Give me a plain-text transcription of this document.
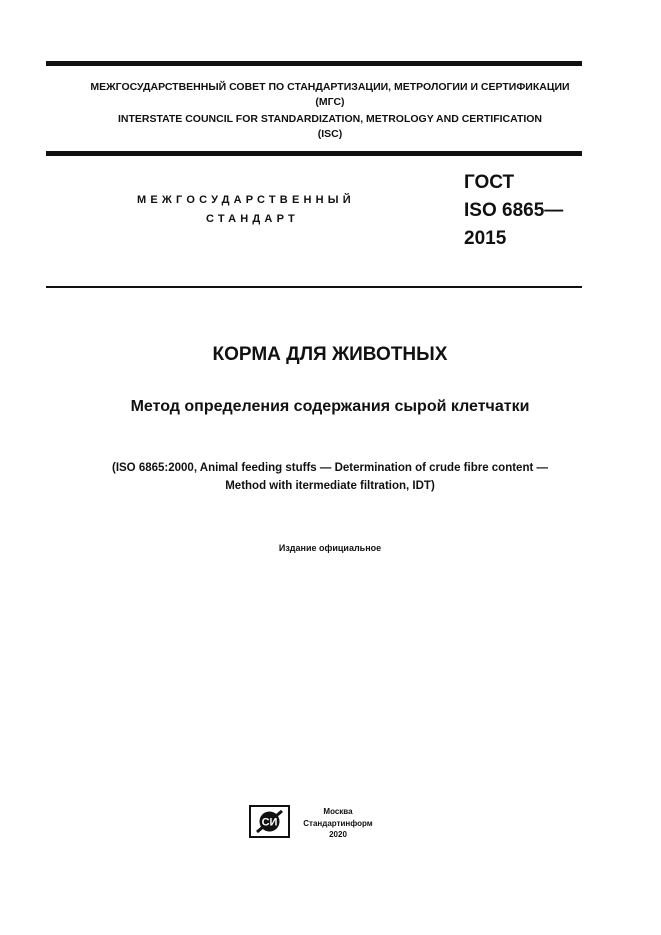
МЕЖГОСУДАРСТВЕННЫЙ СОВЕТ ПО СТАНДАРТИЗАЦИИ, МЕТРОЛОГИИ И СЕРТИФИКАЦИИ
(МГС)
INTERSTATE COUNCIL FOR STANDARDIZATION, METROLOGY AND CERTIFICATION
(ISC)
МЕЖГОСУДАРСТВЕННЫЙ
СТАНДАРТ
ГОСТ
ISO 6865—
2015
КОРМА ДЛЯ ЖИВОТНЫХ
Метод определения содержания сырой клетчатки
(ISO 6865:2000, Animal feeding stuffs — Determination of crude fibre content —
Method with itermediate filtration, IDT)
Издание официальное
СИ
Москва
Стандартинформ
2020
